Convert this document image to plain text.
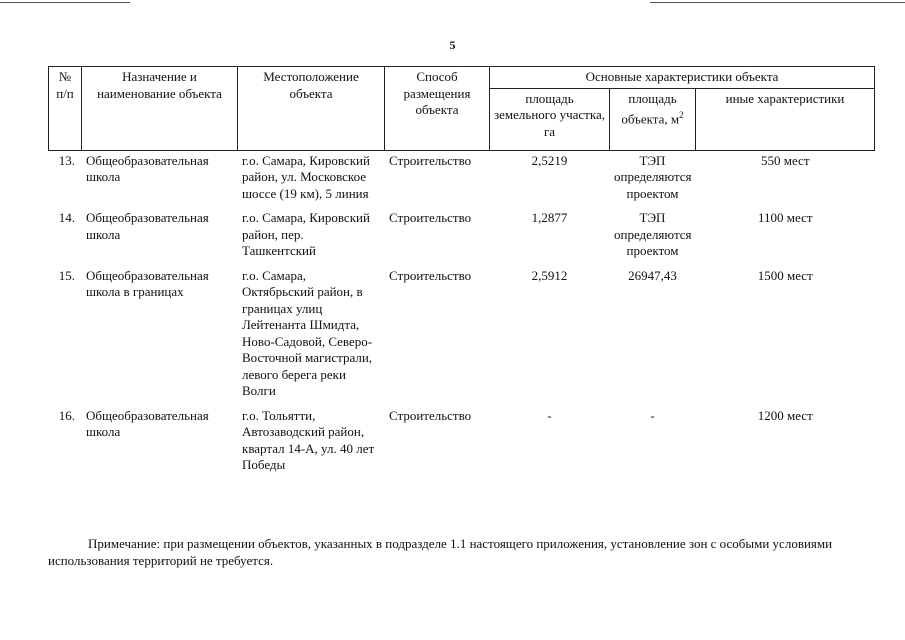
5
№ п/п	Назначение и наименование объекта	Местоположение объекта	Способ размещения объекта	Основные характеристики объекта		
				площадь земельного участка, га	площадь объекта, $м^2$	иные характеристики
13.	Общеобразовательная школа	г.о. Самара, Кировский район, ул. Московское шоссе (19 км), 5 линия	Строительство	2,5219	ТЭП определяются проектом	550 мест
14.	Общеобразовательная школа	г.о. Самара, Кировский район, пер. Ташкентский	Строительство	1,2877	ТЭП определяются проектом	1100 мест
15.	Общеобразовательная школа в границах	г.о. Самара, Октябрьский район, в границах улиц Лейтенанта Шмидта, Ново-Садовой, Северо-Восточной магистрали, левого берега реки Волги	Строительство	2,5912	26947,43	1500 мест
16.	Общеобразовательная школа	г.о. Тольятти, Автозаводский район, квартал 14-А, ул. 40 лет Победы	Строительство	-	-	1200 мест
Примечание: при размещении объектов, указанных в подразделе 1.1 настоящего приложения, установление зон с особыми условиями использования территорий не требуется.
